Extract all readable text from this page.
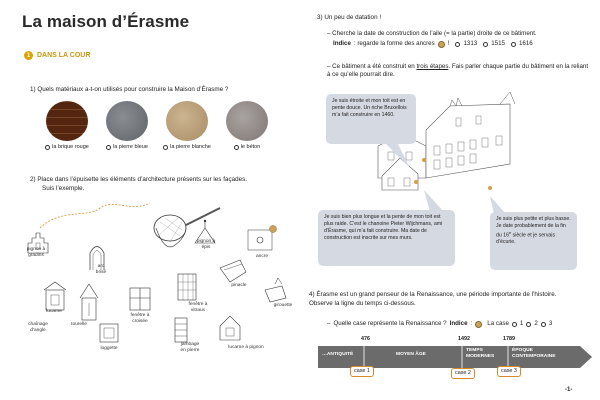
La maison d’Érasme
1 DANS LA COUR
1) Quels matériaux a-t-on utilisés pour construire la Maison d’Érasme ?
la brique rouge	la pierre bleue	la pierre blanche	le béton
2) Place dans l’épuisette les éléments d’architecture présents sur les façades.
Suis l’exemple.
pignon à
gradins
arc
brisé
pignon à
épis
ancre
pinacle
girouette
lucarne
chaînage
d’angle
tourelle
fenêtre à
croisée
fenêtre à
vitraux
loggette
jambage
en pierre
lucarne à pignon
3) Un peu de datation !
– Cherche la date de construction de l’aile (= la partie) droite de ce bâtiment.
Indice : regarde la forme des ancres ! 1313 1515 1616
– Ce bâtiment a été construit en trois étapes. Fais parler chaque partie du bâtiment en la reliant à ce qu’elle pourrait dire.
Je suis étroite et mon toit est en pente douce. Un riche Bruxellois m’a fait construire en 1460.
Je suis bien plus longue et la pente de mon toit est plus raide. C’est le chanoine Pieter Wijchmans, ami d’Érasme, qui m’a fait construire. Ma date de construction est inscrite sur mes murs.
Je suis plus petite et plus basse. Je date probablement de la fin du 16e siècle et je servais d’écurie.
4) Érasme est un grand penseur de la Renaissance, une période importante de l’histoire. Observe la ligne du temps ci-dessous.
– Quelle case représente la Renaissance ? Indice : La case 1 2 3
476	1492	1789
…ANTIQUITÉ	MOYEN ÂGE
TEMPS MODERNES
ÉPOQUE CONTEMPORAINE
case 1	case 2	case 3
-1-
